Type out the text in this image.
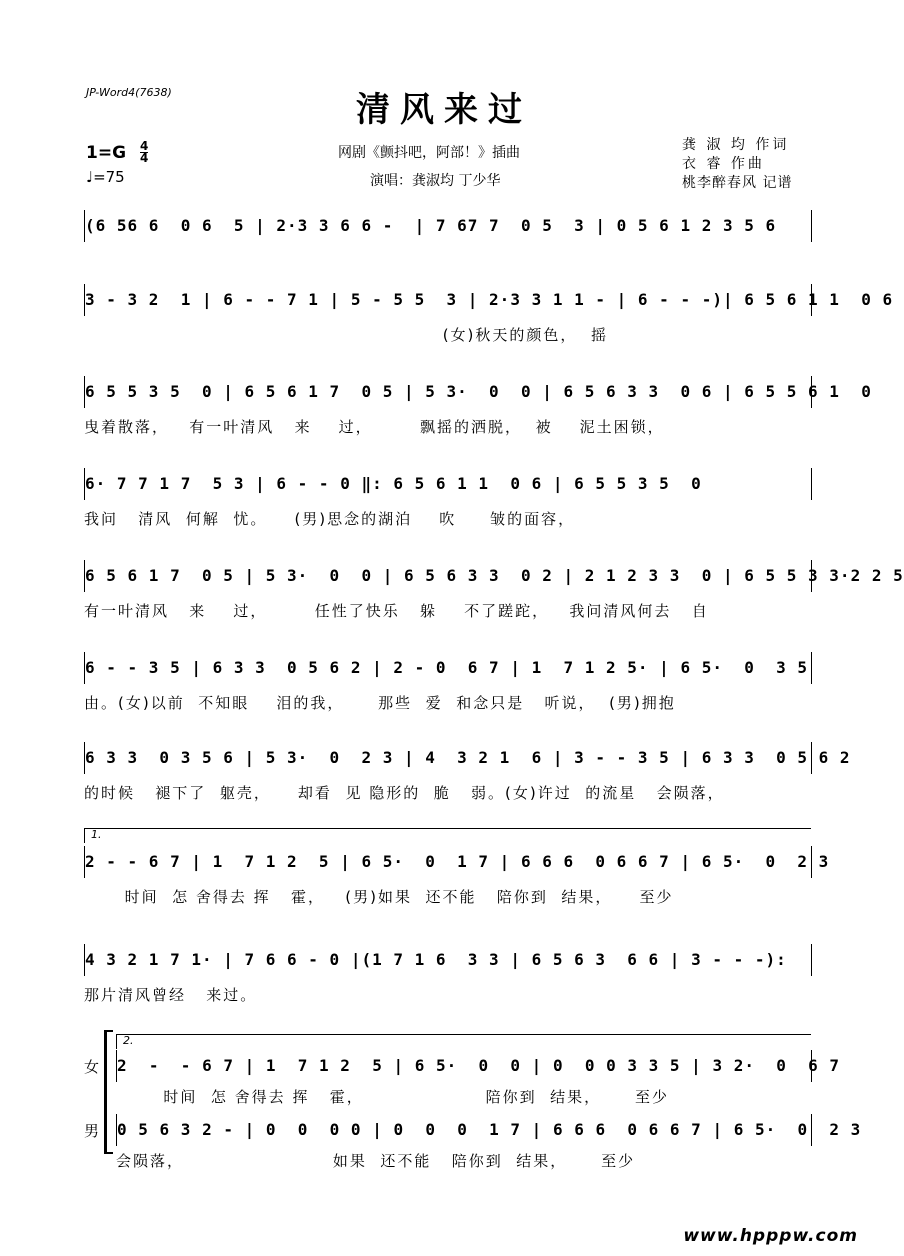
JP-Word4(7638)	清风来过
网剧《颤抖吧，阿部！》插曲
演唱：龚淑均 丁少华
1=G 4
4
♩=75
龚 淑 均 作词
衣 睿 作曲
桃李醉春风 记谱
(6 56 6  0 6  5 | 2·3 3 6 6 -  | 7 67 7  0 5  3 | 0 5 6 1 2 3 5 6
3 - 3 2  1 | 6 - - 7 1 | 5 - 5 5  3 | 2·3 3 1 1 - | 6 - - -)| 6 5 6 1 1  0 6
(女)秋天的颜色，  摇
6 5 5 3 5  0 | 6 5 6 1 7  0 5 | 5 3·  0  0 | 6 5 6 3 3  0 6 | 6 5 5 6 1  0
曳着散落，   有一叶清风   来    过，       飘摇的洒脱，  被    泥土困锁，
6· 7 7 1 7  5 3 | 6 - - 0 ‖: 6 5 6 1 1  0 6 | 6 5 5 3 5  0
我问   清风  何解  忧。    (男)思念的湖泊    吹     皱的面容，
6 5 6 1 7  0 5 | 5 3·  0  0 | 6 5 6 3 3  0 2 | 2 1 2 3 3  0 | 6 5 5 3 3·2 2 5
有一叶清风   来    过，       任性了快乐   躲    不了蹉跎，   我问清风何去   自
6 - - 3 5 | 6 3 3  0 5 6 2 | 2 - 0  6 7 | 1  7 1 2 5· | 6 5·  0  3 5
由。(女)以前  不知眼    泪的我，     那些  爱  和念只是   听说，  (男)拥抱
6 3 3  0 3 5 6 | 5 3·  0  2 3 | 4  3 2 1  6 | 3 - - 3 5 | 6 3 3  0 5 6 2
的时候   褪下了  躯壳，    却看  见 隐形的  脆   弱。(女)许过  的流星   会陨落，
1.
2 - - 6 7 | 1  7 1 2  5 | 6 5·  0  1 7 | 6 6 6  0 6 6 7 | 6 5·  0  2 3
时间  怎 舍得去 挥   霍，   (男)如果  还不能   陪你到  结果，    至少
4 3 2 1 7 1· | 7 6 6 - 0 |(1 7 1 6  3 3 | 6 5 6 3  6 6 | 3 - - -):
那片清风曾经   来过。
2.
女
男
2  -  - 6 7 | 1  7 1 2  5 | 6 5·  0  0 | 0  0 0 3 3 5 | 3 2·  0  6 7
时间  怎 舍得去 挥   霍，                  陪你到  结果，     至少
0 5 6 3 2 - | 0  0  0 0 | 0  0  0  1 7 | 6 6 6  0 6 6 7 | 6 5·  0  2 3
会陨落，                      如果  还不能   陪你到  结果，     至少
www.hpppw.com
